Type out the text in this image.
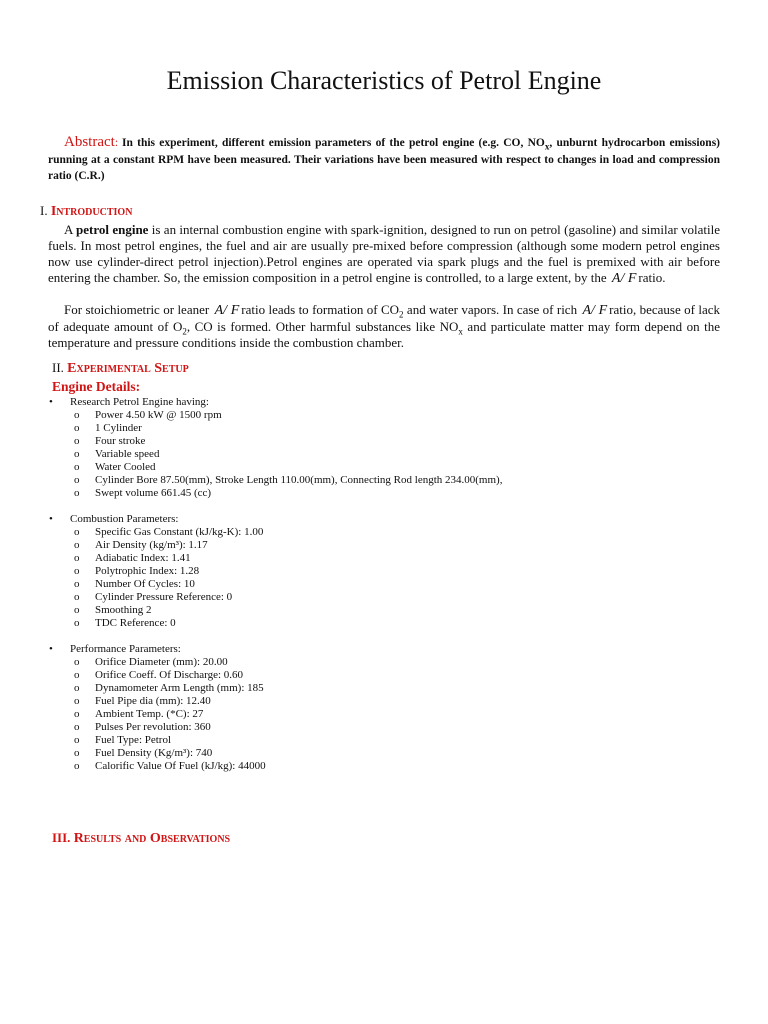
Emission Characteristics of Petrol Engine
Abstract: In this experiment, different emission parameters of the petrol engine (e.g. CO, $NO_x$, unburnt hydrocarbon emissions) running at a constant RPM have been measured. Their variations have been measured with respect to changes in load and compression ratio (C.R.)
I. Introduction
A petrol engine is an internal combustion engine with spark-ignition, designed to run on petrol (gasoline) and similar volatile fuels. In most petrol engines, the fuel and air are usually pre-mixed before compression (although some modern petrol engines now use cylinder-direct petrol injection).Petrol engines are operated via spark plugs and the fuel is premixed with air before entering the chamber. So, the emission composition in a petrol engine is controlled, to a large extent, by the A/ F ratio.
For stoichiometric or leaner A/ F ratio leads to formation of $CO_2$ and water vapors. In case of rich A/ F ratio, because of lack of adequate amount of $O_2$, CO is formed. Other harmful substances like $NO_x$ and particulate matter may form depend on the temperature and pressure conditions inside the combustion chamber.
II. Experimental Setup
Engine Details:
• Research Petrol Engine having:
o Power 4.50 kW @ 1500 rpm
o 1 Cylinder
o Four stroke
o Variable speed
o Water Cooled
o Cylinder Bore 87.50(mm), Stroke Length 110.00(mm), Connecting Rod length 234.00(mm),
o Swept volume 661.45 (cc)
• Combustion Parameters:
o Specific Gas Constant (kJ/kg-K): 1.00
o Air Density (kg/m³): 1.17
o Adiabatic Index: 1.41
o Polytrophic Index: 1.28
o Number Of Cycles: 10
o Cylinder Pressure Reference: 0
o Smoothing 2
o TDC Reference: 0
• Performance Parameters:
o Orifice Diameter (mm): 20.00
o Orifice Coeff. Of Discharge: 0.60
o Dynamometer Arm Length (mm): 185
o Fuel Pipe dia (mm): 12.40
o Ambient Temp. (*C): 27
o Pulses Per revolution: 360
o Fuel Type: Petrol
o Fuel Density (Kg/m³): 740
o Calorific Value Of Fuel (kJ/kg): 44000
III. Results and Observations
